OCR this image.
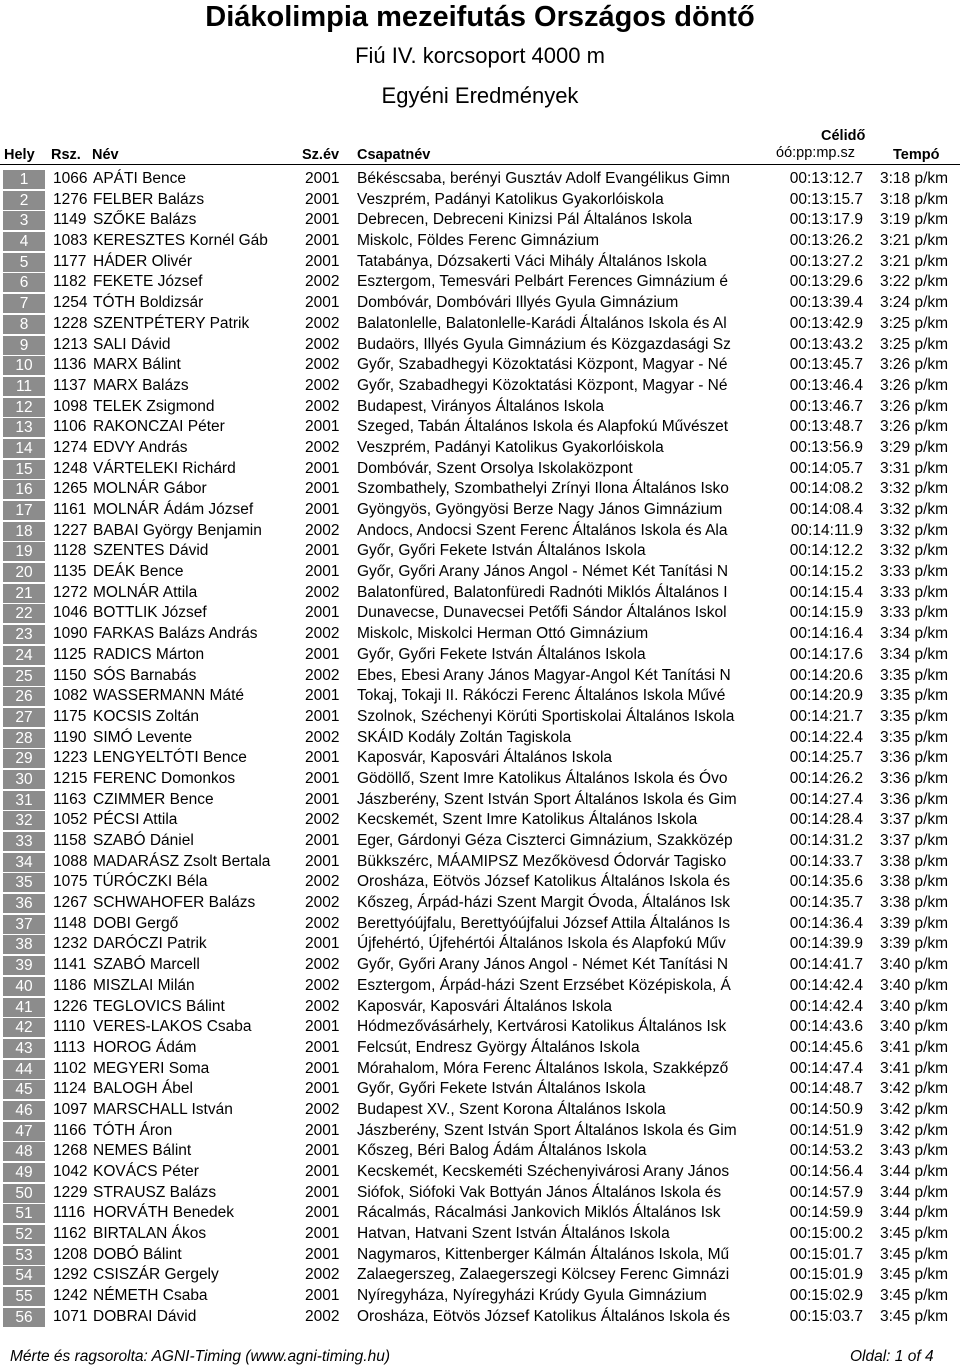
Diákolimpia mezeifutás Országos döntő
Fiú IV. korcsoport 4000 m
Egyéni Eredmények
Hely Rsz. Név	Sz.év Csapatnév
Célidő
óó:pp:mp.sz	Tempó
1	1066 APÁTI Bence	2001	Békéscsaba, berényi Gusztáv Adolf Evangélikus Gimn	00:13:12.7 3:18 p/km
2	1276 FELBER Balázs	2001	Veszprém, Padányi Katolikus Gyakorlóiskola	00:13:15.7 3:18 p/km
3	1149 SZŐKE Balázs	2001	Debrecen, Debreceni Kinizsi Pál Általános Iskola	00:13:17.9 3:19 p/km
4	1083 KERESZTES Kornél Gáb	2001	Miskolc, Földes Ferenc Gimnázium	00:13:26.2 3:21 p/km
5	1177 HÁDER Olivér	2001	Tatabánya, Dózsakerti Váci Mihály Általános Iskola	00:13:27.2 3:21 p/km
6	1182 FEKETE József	2002	Esztergom, Temesvári Pelbárt Ferences Gimnázium é	00:13:29.6 3:22 p/km
7	1254 TÓTH Boldizsár	2001	Dombóvár, Dombóvári Illyés Gyula Gimnázium	00:13:39.4 3:24 p/km
8	1228 SZENTPÉTERY Patrik	2002	Balatonlelle, Balatonlelle-Karádi Általános Iskola és Al	00:13:42.9 3:25 p/km
9	1213 SALI Dávid	2002	Budaörs, Illyés Gyula Gimnázium és Közgazdasági Sz	00:13:43.2 3:25 p/km
10	1136 MARX Bálint	2002	Győr, Szabadhegyi Közoktatási Központ, Magyar - Né	00:13:45.7 3:26 p/km
11	1137 MARX Balázs	2002	Győr, Szabadhegyi Közoktatási Központ, Magyar - Né	00:13:46.4 3:26 p/km
12	1098 TELEK Zsigmond	2002	Budapest, Virányos Általános Iskola	00:13:46.7 3:26 p/km
13	1106 RAKONCZAI Péter	2001	Szeged, Tabán Általános Iskola és Alapfokú Művészet	00:13:48.7 3:26 p/km
14	1274 EDVY András	2002	Veszprém, Padányi Katolikus Gyakorlóiskola	00:13:56.9 3:29 p/km
15	1248 VÁRTELEKI Richárd	2001	Dombóvár, Szent Orsolya Iskolaközpont	00:14:05.7 3:31 p/km
16	1265 MOLNÁR Gábor	2001	Szombathely, Szombathelyi Zrínyi Ilona Általános Isko	00:14:08.2 3:32 p/km
17	1161 MOLNÁR Ádám József	2001	Gyöngyös, Gyöngyösi Berze Nagy János Gimnázium	00:14:08.4 3:32 p/km
18	1227 BABAI György Benjamin	2002	Andocs, Andocsi Szent Ferenc Általános Iskola és Ala	00:14:11.9 3:32 p/km
19	1128 SZENTES Dávid	2001	Győr, Győri Fekete István Általános Iskola	00:14:12.2 3:32 p/km
20	1135 DEÁK Bence	2001	Győr, Győri Arany János Angol - Német Két Tanítási N	00:14:15.2 3:33 p/km
21	1272 MOLNÁR Attila	2002	Balatonfüred, Balatonfüredi Radnóti Miklós Általános I	00:14:15.4 3:33 p/km
22	1046 BOTTLIK József	2001	Dunavecse, Dunavecsei Petőfi Sándor Általános Iskol	00:14:15.9 3:33 p/km
23	1090 FARKAS Balázs András	2002	Miskolc, Miskolci Herman Ottó Gimnázium	00:14:16.4 3:34 p/km
24	1125 RADICS Márton	2001	Győr, Győri Fekete István Általános Iskola	00:14:17.6 3:34 p/km
25	1150 SÓS Barnabás	2002	Ebes, Ebesi Arany János Magyar-Angol Két Tanítási N	00:14:20.6 3:35 p/km
26	1082 WASSERMANN Máté	2001	Tokaj, Tokaji II. Rákóczi Ferenc Általános Iskola Művé	00:14:20.9 3:35 p/km
27	1175 KOCSIS Zoltán	2001	Szolnok, Széchenyi Körúti Sportiskolai Általános Iskola	00:14:21.7 3:35 p/km
28	1190 SIMÓ Levente	2002	SKÁID Kodály Zoltán Tagiskola	00:14:22.4 3:35 p/km
29	1223 LENGYELTÓTI Bence	2001	Kaposvár, Kaposvári Általános Iskola	00:14:25.7 3:36 p/km
30	1215 FERENC Domonkos	2001	Gödöllő, Szent Imre Katolikus Általános Iskola és Óvo	00:14:26.2 3:36 p/km
31	1163 CZIMMER Bence	2001	Jászberény, Szent István Sport Általános Iskola és Gim	00:14:27.4 3:36 p/km
32	1052 PÉCSI Attila	2002	Kecskemét, Szent Imre Katolikus Általános Iskola	00:14:28.4 3:37 p/km
33	1158 SZABÓ Dániel	2001	Eger, Gárdonyi Géza Ciszterci Gimnázium, Szakközép	00:14:31.2 3:37 p/km
34	1088 MADARÁSZ Zsolt Bertala	2001	Bükkszérc, MÁAMIPSZ Mezőkövesd Ódorvár Tagisko	00:14:33.7 3:38 p/km
35	1075 TÚRÓCZKI Béla	2002	Orosháza, Eötvös József Katolikus Általános Iskola és	00:14:35.6 3:38 p/km
36	1267 SCHWAHOFER Balázs	2002	Kőszeg, Árpád-házi Szent Margit Óvoda, Általános Isk	00:14:35.7 3:38 p/km
37	1148 DOBI Gergő	2002	Berettyóújfalu, Berettyóújfalui József Attila Általános Is	00:14:36.4 3:39 p/km
38	1232 DARÓCZI Patrik	2001	Újfehértó, Újfehértói Általános Iskola és Alapfokú Műv	00:14:39.9 3:39 p/km
39	1141 SZABÓ Marcell	2002	Győr, Győri Arany János Angol - Német Két Tanítási N	00:14:41.7 3:40 p/km
40	1186 MISZLAI Milán	2002	Esztergom, Árpád-házi Szent Erzsébet Középiskola, Á	00:14:42.4 3:40 p/km
41	1226 TEGLOVICS Bálint	2002	Kaposvár, Kaposvári Általános Iskola	00:14:42.4 3:40 p/km
42	1110 VERES-LAKOS Csaba	2001	Hódmezővásárhely, Kertvárosi Katolikus Általános Isk	00:14:43.6 3:40 p/km
43	1113 HOROG Ádám	2001	Felcsút, Endresz György Általános Iskola	00:14:45.6 3:41 p/km
44	1102 MEGYERI Soma	2001	Mórahalom, Móra Ferenc Általános Iskola, Szakképző	00:14:47.4 3:41 p/km
45	1124 BALOGH Ábel	2001	Győr, Győri Fekete István Általános Iskola	00:14:48.7 3:42 p/km
46	1097 MARSCHALL István	2002	Budapest XV., Szent Korona Általános Iskola	00:14:50.9 3:42 p/km
47	1166 TÓTH Áron	2001	Jászberény, Szent István Sport Általános Iskola és Gim	00:14:51.9 3:42 p/km
48	1268 NEMES Bálint	2001	Kőszeg, Béri Balog Ádám Általános Iskola	00:14:53.2 3:43 p/km
49	1042 KOVÁCS Péter	2001	Kecskemét, Kecskeméti Széchenyivárosi Arany János	00:14:56.4 3:44 p/km
50	1229 STRAUSZ Balázs	2001	Siófok, Siófoki Vak Bottyán János Általános Iskola és	00:14:57.9 3:44 p/km
51	1116 HORVÁTH Benedek	2001	Rácalmás, Rácalmási Jankovich Miklós Általános Isk	00:14:59.9 3:44 p/km
52	1162 BIRTALAN Ákos	2001	Hatvan, Hatvani Szent István Általános Iskola	00:15:00.2 3:45 p/km
53	1208 DOBÓ Bálint	2001	Nagymaros, Kittenberger Kálmán Általános Iskola, Mű	00:15:01.7 3:45 p/km
54	1292 CSISZÁR Gergely	2002	Zalaegerszeg, Zalaegerszegi Kölcsey Ferenc Gimnázi	00:15:01.9 3:45 p/km
55	1242 NÉMETH Csaba	2001	Nyíregyháza, Nyíregyházi Krúdy Gyula Gimnázium	00:15:02.9 3:45 p/km
56	1071 DOBRAI Dávid	2002	Orosháza, Eötvös József Katolikus Általános Iskola és	00:15:03.7 3:45 p/km
Mérte és ragsorolta: AGNI-Timing (www.agni-timing.hu)	Oldal: 1 of 4
